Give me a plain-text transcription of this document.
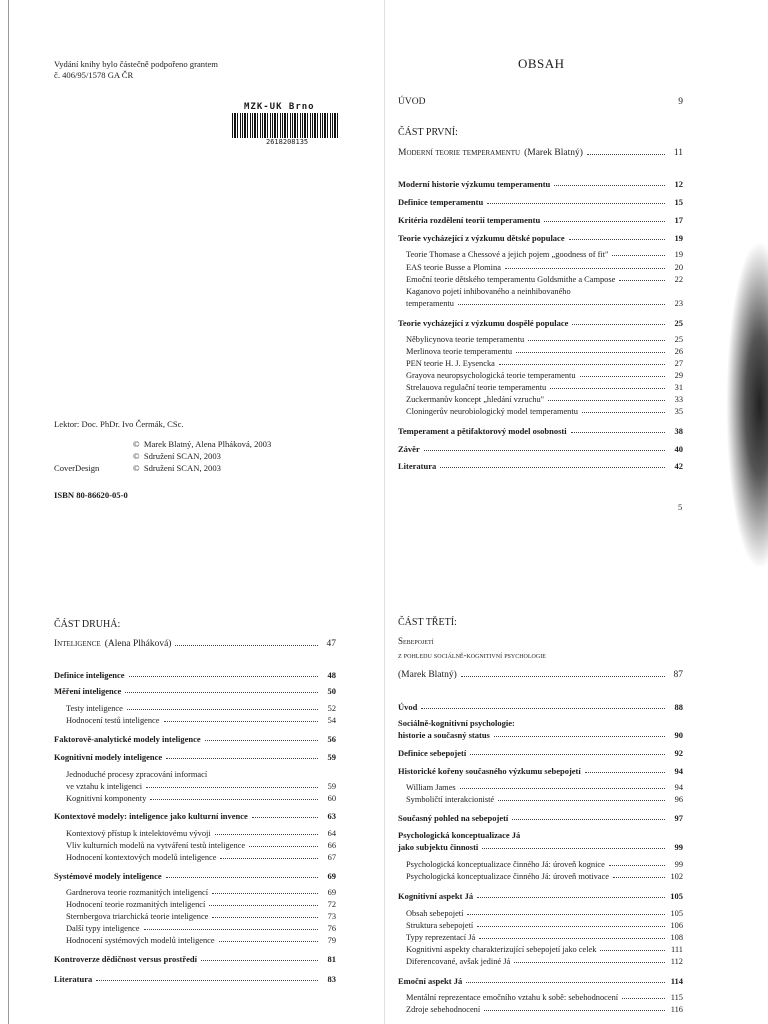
Vydání knihy bylo částečně podpořeno grantem
č. 406/95/1578 GA ČR
MZK-UK Brno
2618208135
Lektor: Doc. PhDr. Ivo Čermák, CSc.
© Marek Blatný, Alena Plháková, 2003
© Sdružení SCAN, 2003
CoverDesign	© Sdružení SCAN, 2003
ISBN 80-86620-05-0
OBSAH
ÚVOD	9
ČÁST PRVNÍ:
Moderní teorie temperamentu (Marek Blatný)	11
Moderní historie výzkumu temperamentu	12
Definice temperamentu	15
Kritéria rozdělení teorií temperamentu	17
Teorie vycházející z výzkumu dětské populace	19
Teorie Thomase a Chessové a jejich pojem „goodness of fit"	19
EAS teorie Busse a Plomina	20
Emoční teorie dětského temperamentu Goldsmithe a Campose	22
Kaganovo pojetí inhibovaného a neinhibovaného
temperamentu	23
Teorie vycházející z výzkumu dospělé populace	25
Něbylicynova teorie temperamentu	25
Merlinova teorie temperamentu	26
PEN teorie H. J. Eysencka	27
Grayova neuropsychologická teorie temperamentu	29
Strelauova regulační teorie temperamentu	31
Zuckermanův koncept „hledání vzruchu"	33
Cloningerův neurobiologický model temperamentu	35
Temperament a pětifaktorový model osobnosti	38
Závěr	40
Literatura	42
5
ČÁST DRUHÁ:
Inteligence (Alena Plháková)	47
Definice inteligence	48
Měření inteligence	50
Testy inteligence	52
Hodnocení testů inteligence	54
Faktorově-analytické modely inteligence	56
Kognitivní modely inteligence	59
Jednoduché procesy zpracování informací
ve vztahu k inteligenci	59
Kognitivní komponenty	60
Kontextové modely: inteligence jako kulturní invence	63
Kontextový přístup k intelektovému vývoji	64
Vliv kulturních modelů na vytváření testů inteligence	66
Hodnocení kontextových modelů inteligence	67
Systémové modely inteligence	69
Gardnerova teorie rozmanitých inteligencí	69
Hodnocení teorie rozmanitých inteligencí	72
Sternbergova triarchická teorie inteligence	73
Další typy inteligence	76
Hodnocení systémových modelů inteligence	79
Kontroverze dědičnost versus prostředí	81
Literatura	83
ČÁST TŘETÍ:
Sebepojetí
z pohledu sociálně-kognitivní psychologie
(Marek Blatný)	87
Úvod	88
Sociálně-kognitivní psychologie:
historie a současný status	90
Definice sebepojetí	92
Historické kořeny současného výzkumu sebepojetí	94
William James	94
Symboličtí interakcionisté	96
Současný pohled na sebepojetí	97
Psychologická konceptualizace Já
jako subjektu činnosti	99
Psychologická konceptualizace činného Já: úroveň kognice	99
Psychologická konceptualizace činného Já: úroveň motivace	102
Kognitivní aspekt Já	105
Obsah sebepojetí	105
Struktura sebepojetí	106
Typy reprezentací Já	108
Kognitivní aspekty charakterizující sebepojetí jako celek	111
Diferencované, avšak jediné Já	112
Emoční aspekt Já	114
Mentální reprezentace emočního vztahu k sobě: sebehodnocení	115
Zdroje sebehodnocení	116
